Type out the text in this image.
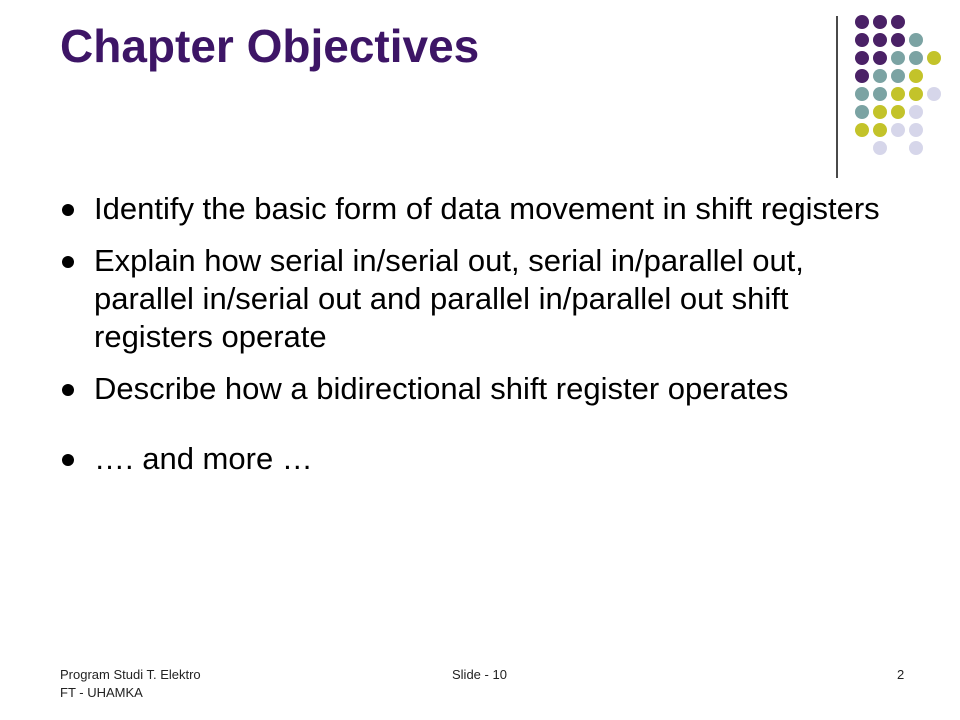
Chapter Objectives
Identify the basic form of data movement in shift registers
Explain how serial in/serial out, serial in/parallel out, parallel in/serial out and parallel in/parallel out shift registers operate
Describe how a bidirectional shift register operates
…. and more …
Program Studi T. Elektro
FT - UHAMKA
Slide - 10	2
